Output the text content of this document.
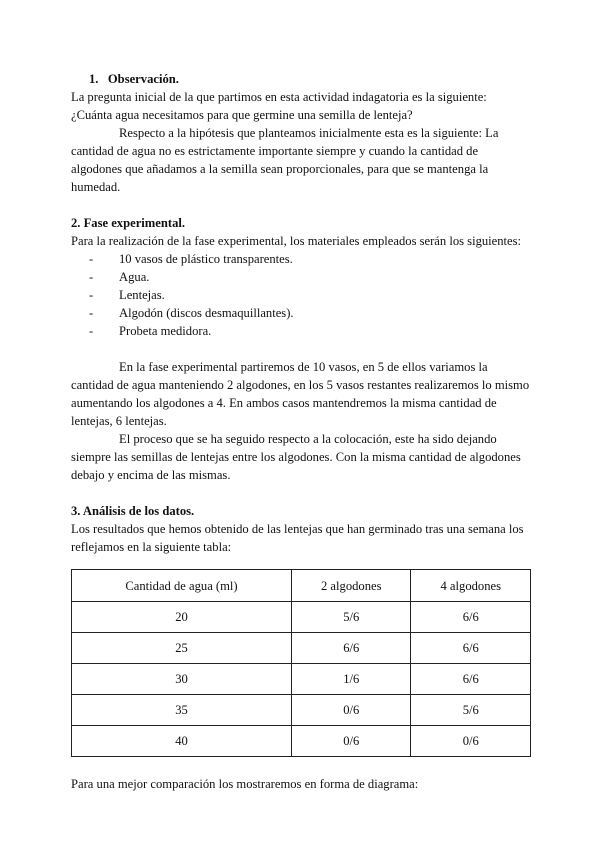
1.   Observación.

La pregunta inicial de la que partimos en esta actividad indagatoria es la siguiente: ¿Cuánta agua necesitamos para que germine una semilla de lenteja?

Respecto a la hipótesis que planteamos inicialmente esta es la siguiente: La cantidad de agua no es estrictamente importante siempre y cuando la cantidad de algodones que añadamos a la semilla sean proporcionales, para que se mantenga la humedad.

2. Fase experimental.

Para la realización de la fase experimental, los materiales empleados serán los siguientes:

- 10 vasos de plástico transparentes.
- Agua.
- Lentejas.
- Algodón (discos desmaquillantes).
- Probeta medidora.

En la fase experimental partiremos de 10 vasos, en 5 de ellos variamos la cantidad de agua manteniendo 2 algodones, en los 5 vasos restantes realizaremos lo mismo aumentando los algodones a 4. En ambos casos mantendremos la misma cantidad de lentejas, 6 lentejas.

El proceso que se ha seguido respecto a la colocación, este ha sido dejando siempre las semillas de lentejas entre los algodones. Con la misma cantidad de algodones debajo y encima de las mismas.

3. Análisis de los datos.

Los resultados que hemos obtenido de las lentejas que han germinado tras una semana los reflejamos en la siguiente tabla:

Cantidad de agua (ml)	2 algodones	4 algodones
20	5/6	6/6
25	6/6	6/6
30	1/6	6/6
35	0/6	5/6
40	0/6	0/6

Para una mejor comparación los mostraremos en forma de diagrama:
